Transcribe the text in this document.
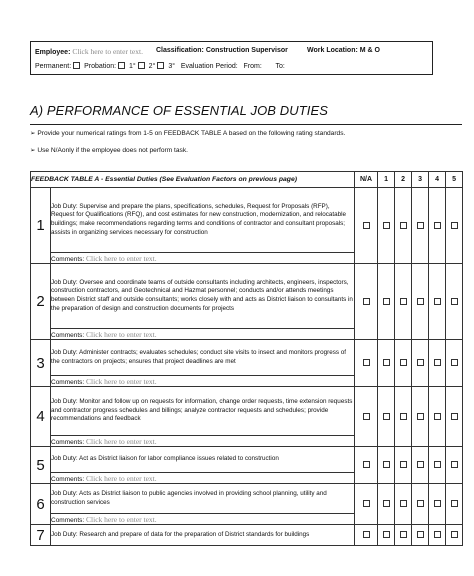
Employee: Click here to enter text. Classification: Construction Supervisor	Work Location: M & O
Permanent: Probation: 1° 2° 3° Evaluation Period: From: To:
A) PERFORMANCE OF ESSENTIAL JOB DUTIES
➢ Provide your numerical ratings from 1-5 on FEEDBACK TABLE A based on the following rating standards.
➢ Use N/Aonly if the employee does not perform task.
FEEDBACK TABLE A - Essential Duties (See Evaluation Factors on previous page)		N/A	1	2	3	4	5
1	Job Duty: Supervise and prepare the plans, specifications, schedules, Request for Proposals (RFP), Request for Qualifications (RFQ), and cost estimates for new construction, modernization, and relocatable buildings; make recommendations regarding terms and conditions of contractor and consultant proposals; assists in organizing services necessary for construction						
	Comments: Click here to enter text.						
2	Job Duty: Oversee and coordinate teams of outside consultants including architects, engineers, inspectors, construction contractors, and Geotechnical and Hazmat personnel; conducts and/or attends meetings between District staff and outside consultants; works closely with and acts as District liaison to consultants in the preparation of design and construction documents for projects						
	Comments: Click here to enter text.						
3	Job Duty: Administer contracts; evaluates schedules; conduct site visits to insect and monitors progress of the contractors on projects; ensures that project deadlines are met						
	Comments: Click here to enter text.						
4	Job Duty: Monitor and follow up on requests for information, change order requests, time extension requests and contractor progress schedules and billings; analyze contractor requests and schedules; provide recommendations and feedback						
	Comments: Click here to enter text.						
5	Job Duty: Act as District liaison for labor compliance issues related to construction						
	Comments: Click here to enter text.						
6	Job Duty: Acts as District liaison to public agencies involved in providing school planning, utility and construction services						
	Comments: Click here to enter text.						
7	Job Duty: Research and prepare of data for the preparation of District standards for buildings						
